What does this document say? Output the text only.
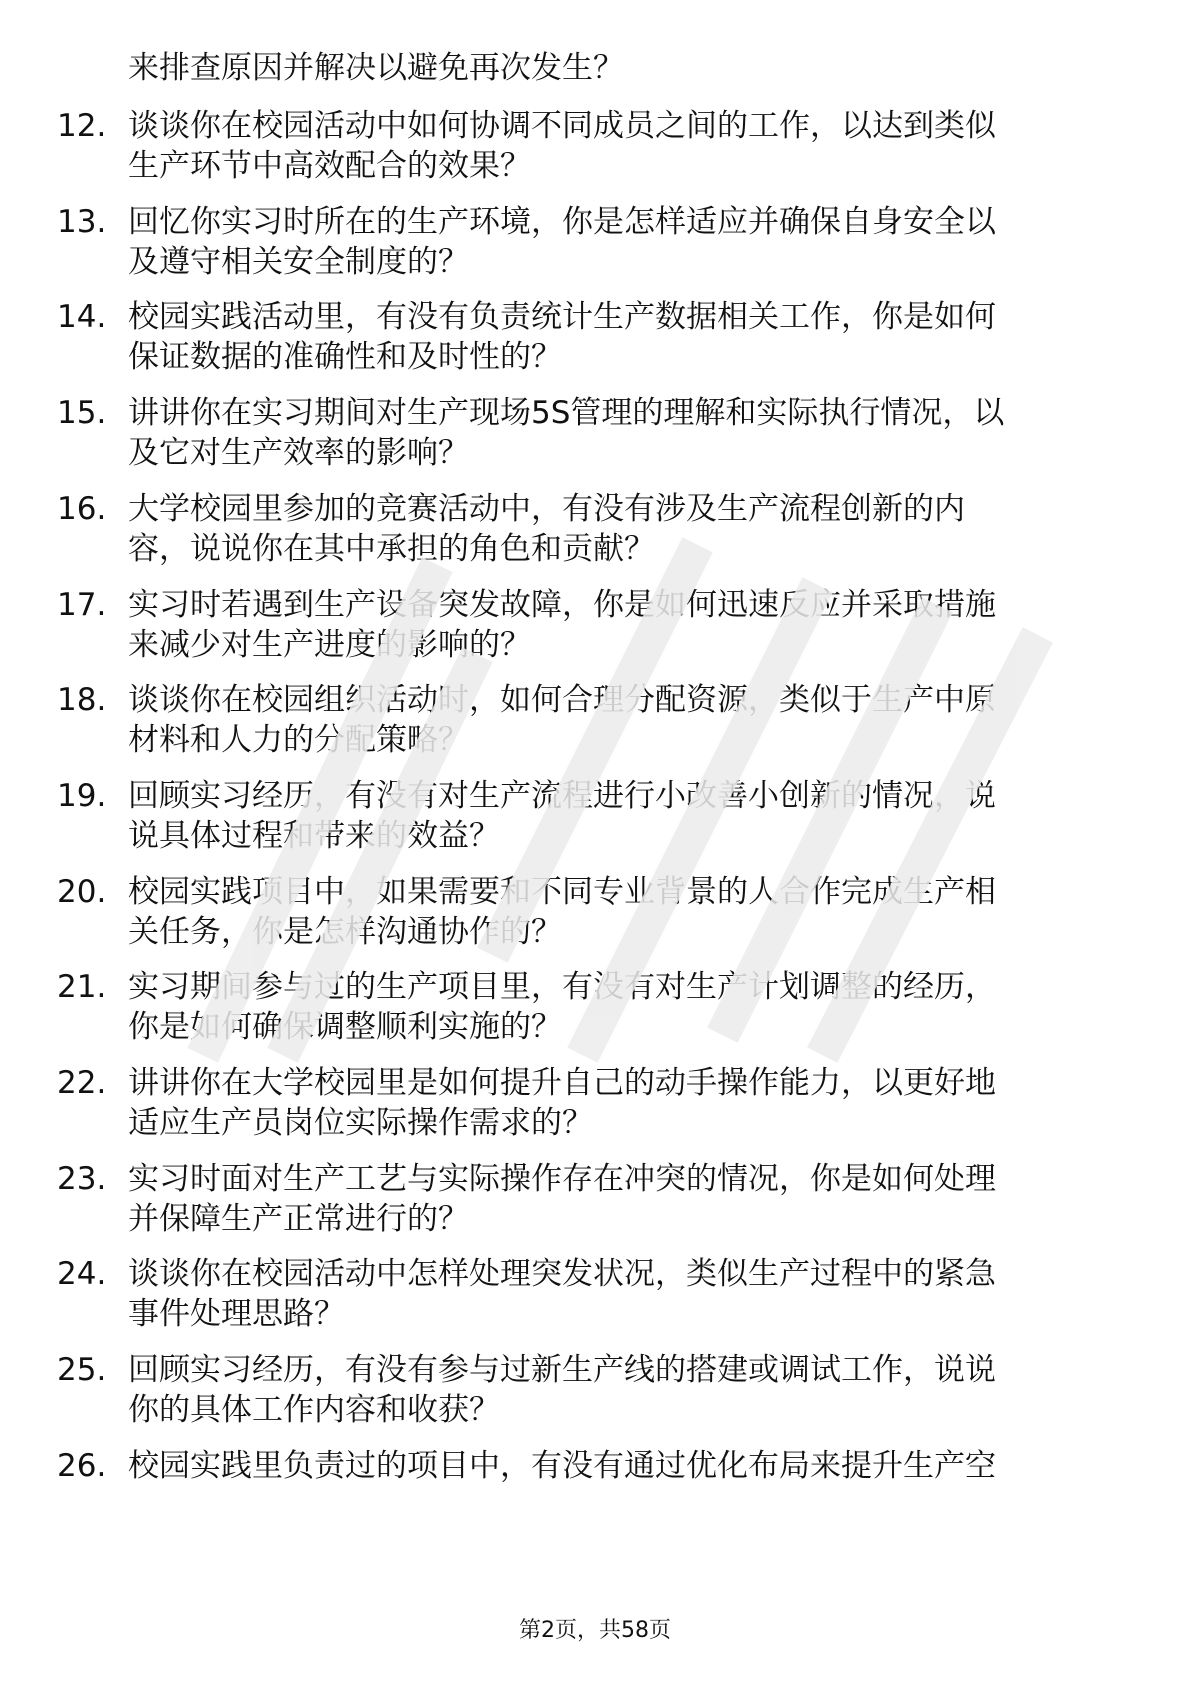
来排查原因并解决以避免再次发生？
12. 谈谈你在校园活动中如何协调不同成员之间的工作，以达到类似
生产环节中高效配合的效果？
13. 回忆你实习时所在的生产环境，你是怎样适应并确保自身安全以
及遵守相关安全制度的？
14. 校园实践活动里，有没有负责统计生产数据相关工作，你是如何
保证数据的准确性和及时性的？
15. 讲讲你在实习期间对生产现场5S管理的理解和实际执行情况，以
及它对生产效率的影响？
16. 大学校园里参加的竞赛活动中，有没有涉及生产流程创新的内
容，说说你在其中承担的角色和贡献？
17. 实习时若遇到生产设备突发故障，你是如何迅速反应并采取措施
来减少对生产进度的影响的？
18. 谈谈你在校园组织活动时，如何合理分配资源，类似于生产中原
材料和人力的分配策略？
19. 回顾实习经历，有没有对生产流程进行小改善小创新的情况，说
说具体过程和带来的效益？
20. 校园实践项目中，如果需要和不同专业背景的人合作完成生产相
关任务，你是怎样沟通协作的？
21. 实习期间参与过的生产项目里，有没有对生产计划调整的经历，
你是如何确保调整顺利实施的？
22. 讲讲你在大学校园里是如何提升自己的动手操作能力，以更好地
适应生产员岗位实际操作需求的？
23. 实习时面对生产工艺与实际操作存在冲突的情况，你是如何处理
并保障生产正常进行的？
24. 谈谈你在校园活动中怎样处理突发状况，类似生产过程中的紧急
事件处理思路？
25. 回顾实习经历，有没有参与过新生产线的搭建或调试工作，说说
你的具体工作内容和收获？
26. 校园实践里负责过的项目中，有没有通过优化布局来提升生产空
第2页，共58页
